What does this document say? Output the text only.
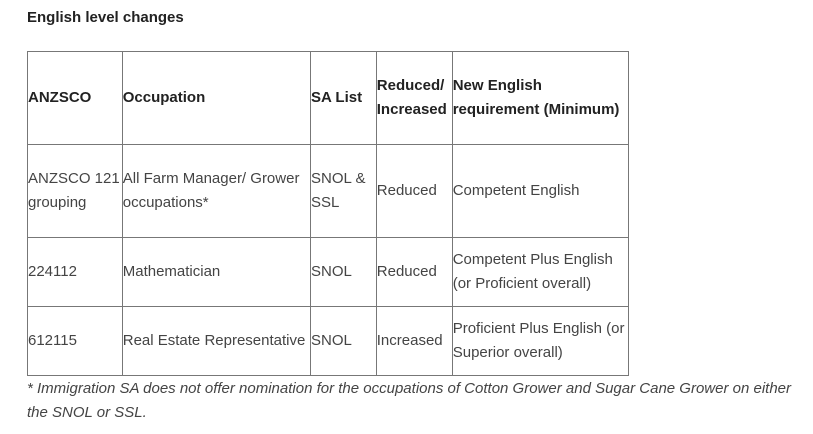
English level changes
ANZSCO	Occupation	SA List	Reduced/ Increased	New English requirement (Minimum)
ANZSCO 121 grouping	All Farm Manager/ Grower occupations*	SNOL & SSL	Reduced	Competent English
224112	Mathematician	SNOL	Reduced	Competent Plus English (or Proficient overall)
612115	Real Estate Representative	SNOL	Increased	Proficient Plus English (or Superior overall)

* Immigration SA does not offer nomination for the occupations of Cotton Grower and Sugar Cane Grower on either the SNOL or SSL.
